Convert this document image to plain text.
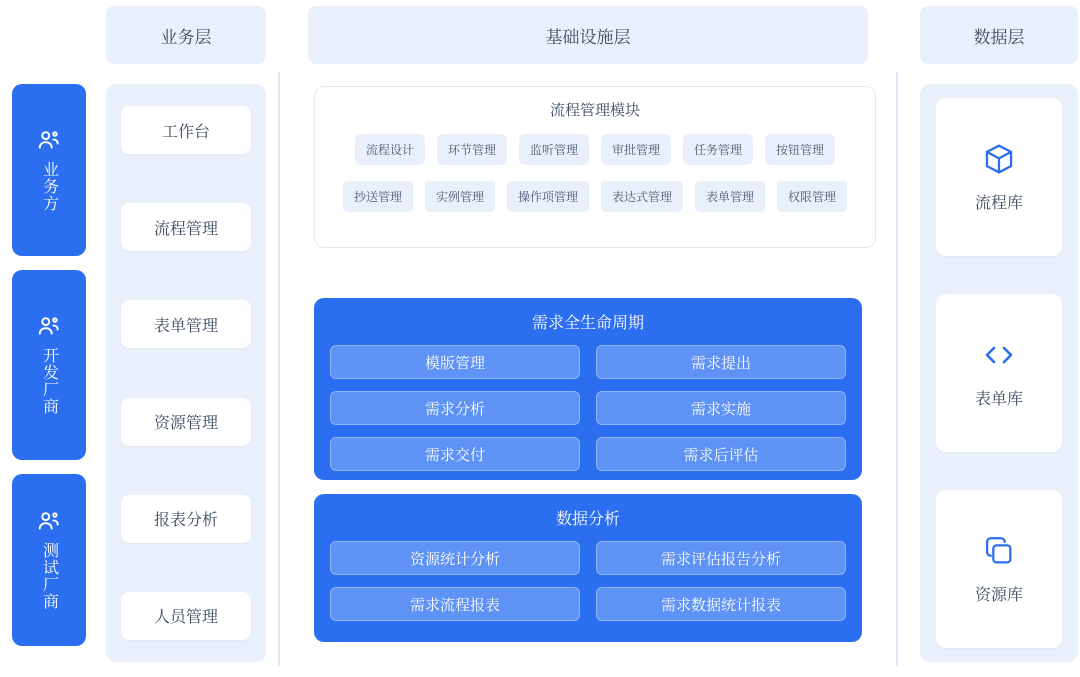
业务层	基础设施层	数据层
业务方
开发厂商
测试厂商
工作台
流程管理
表单管理
资源管理
报表分析
人员管理
流程管理模块
流程设计	环节管理	监听管理	审批管理	任务管理	按钮管理
抄送管理	实例管理	操作项管理	表达式管理	表单管理	权限管理
需求全生命周期
模版管理	需求提出
需求分析	需求实施
需求交付	需求后评估
数据分析
资源统计分析	需求评估报告分析
需求流程报表	需求数据统计报表
流程库
表单库
资源库
